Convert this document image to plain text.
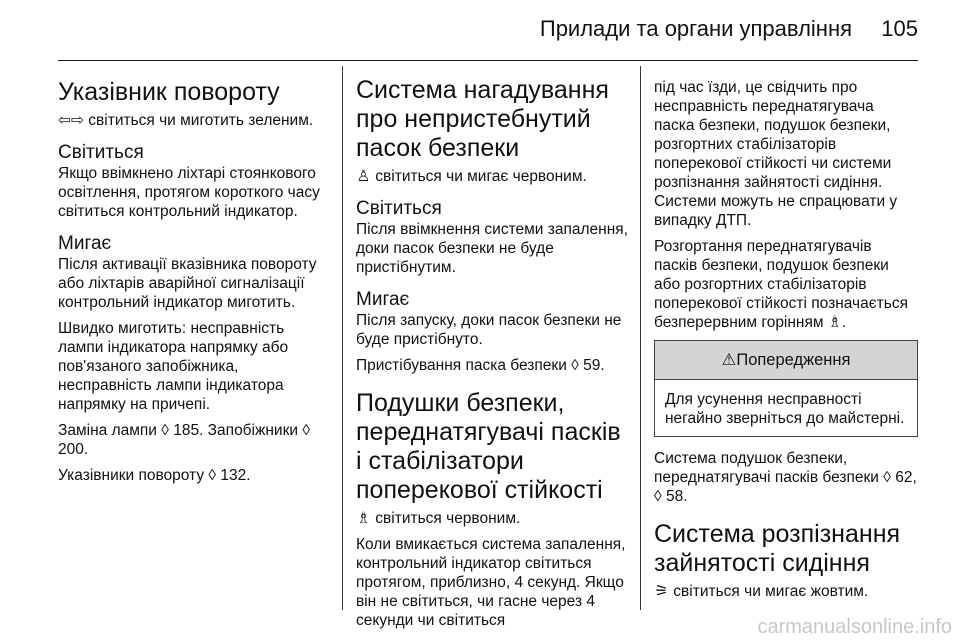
Прилади та органи управління 105
Указівник повороту

⇦⇨ світиться чи миготить зеленим.

Світиться

Якщо ввімкнено ліхтарі стоянкового освітлення, протягом короткого часу світиться контрольний індикатор.

Мигає

Після активації вказівника повороту або ліхтарів аварійної сигналізації контрольний індикатор миготить.

Швидко миготить: несправність лампи індикатора напрямку або пов'язаного запобіжника, несправність лампи індикатора напрямку на причепі.

Заміна лампи ◊ 185. Запобіжники ◊ 200.

Указівники повороту ◊ 132.

Система нагадування про непристебнутий пасок безпеки

♙ світиться чи мигає червоним.

Світиться

Після ввімкнення системи запалення, доки пасок безпеки не буде пристібнутим.

Мигає

Після запуску, доки пасок безпеки не буде пристібнуто.

Пристібування паска безпеки ◊ 59.

Подушки безпеки, переднатягувачі пасків і стабілізатори поперекової стійкості

♗ світиться червоним.

Коли вмикається система запалення, контрольний індикатор світиться протягом, приблизно, 4 секунд. Якщо він не світиться, чи гасне через 4 секунди чи світиться

під час їзди, це свідчить про несправність переднатягувача паска безпеки, подушок безпеки, розгортних стабілізаторів поперекової стійкості чи системи розпізнання зайнятості сидіння. Системи можуть не спрацювати у випадку ДТП.

Розгортання переднатягувачів пасків безпеки, подушок безпеки або розгортних стабілізаторів поперекової стійкості позначається безперервним горінням ♗.

⚠Попередження

Для усунення несправності негайно зверніться до майстерні.

Система подушок безпеки, переднатягувачі пасків безпеки ◊ 62, ◊ 58.

Система розпізнання зайнятості сидіння

⚞ світиться чи мигає жовтим.

carmanualsonline.info
